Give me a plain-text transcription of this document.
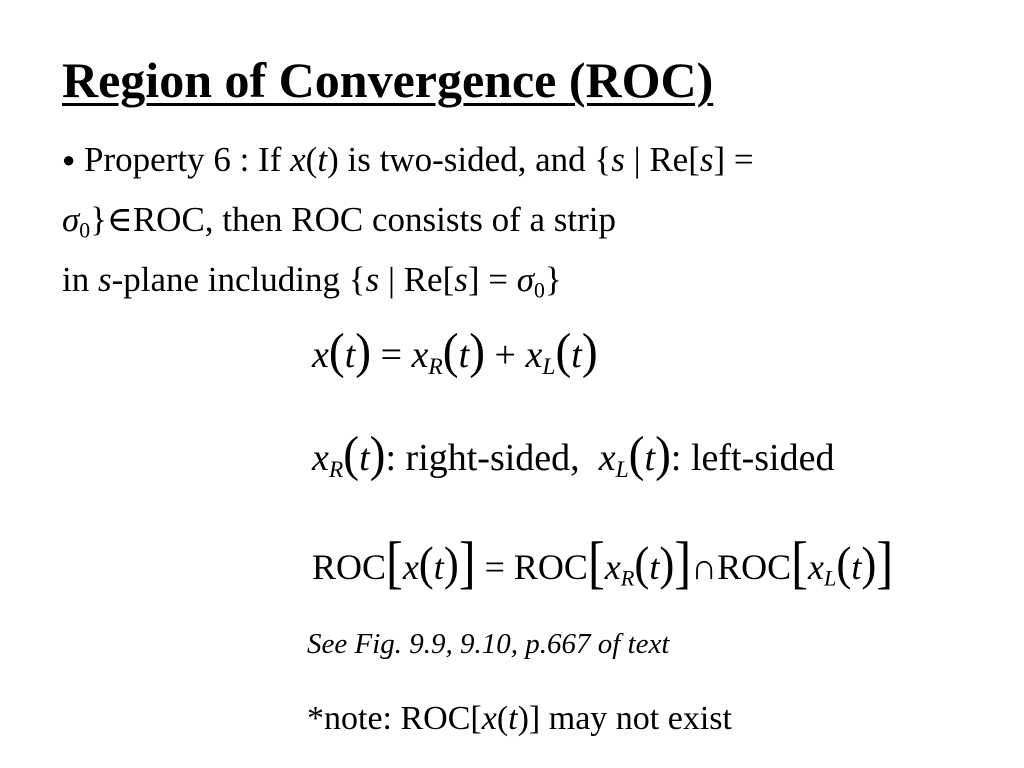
Region of Convergence (ROC)
● Property 6 : If x(t) is two-sided, and {s | Re[s] =
$\sigma_0\}\in ROC$, then ROC consists of a strip
in s-plane including {s | $Re[s] = \sigma_0$}
$x(t) = x_R(t) + x_L(t)$
$x_R(t)$: right-sided, $x_L(t)$: left-sided
$ROC[x(t)] = ROC[x_R(t)]\cap ROC[x_L(t)]$
See Fig. 9.9, 9.10, p.667 of text
*note: ROC[x(t)] may not exist
